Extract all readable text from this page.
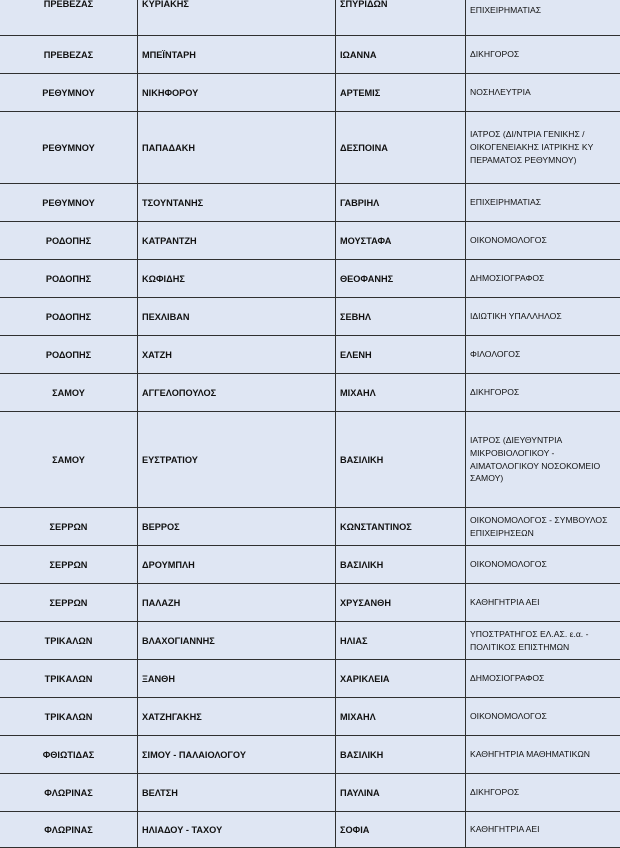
ΠΡΕΒΕΖΑΣ	ΚΥΡΙΑΚΗΣ	ΣΠΥΡΙΔΩΝ
ΕΠΙΧΕΙΡΗΜΑΤΙΑΣ
ΠΡΕΒΕΖΑΣ	ΜΠΕΪΝΤΑΡΗ	ΙΩΑΝΝΑ	ΔΙΚΗΓΟΡΟΣ
ΡΕΘΥΜΝΟΥ	ΝΙΚΗΦΟΡΟΥ	ΑΡΤΕΜΙΣ	ΝΟΣΗΛΕΥΤΡΙΑ
ΡΕΘΥΜΝΟΥ	ΠΑΠΑΔΑΚΗ	ΔΕΣΠΟΙΝΑ
ΙΑΤΡΟΣ (ΔΙ/ΝΤΡΙΑ ΓΕΝΙΚΗΣ / ΟΙΚΟΓΕΝΕΙΑΚΗΣ ΙΑΤΡΙΚΗΣ ΚΥ ΠΕΡΑΜΑΤΟΣ ΡΕΘΥΜΝΟΥ)
ΡΕΘΥΜΝΟΥ	ΤΣΟΥΝΤΑΝΗΣ	ΓΑΒΡΙΗΛ	ΕΠΙΧΕΙΡΗΜΑΤΙΑΣ
ΡΟΔΟΠΗΣ	ΚΑΤΡΑΝΤΖΗ	ΜΟΥΣΤΑΦΑ	ΟΙΚΟΝΟΜΟΛΟΓΟΣ
ΡΟΔΟΠΗΣ	ΚΩΦΙΔΗΣ	ΘΕΟΦΑΝΗΣ	ΔΗΜΟΣΙΟΓΡΑΦΟΣ
ΡΟΔΟΠΗΣ	ΠΕΧΛΙΒΑΝ	ΣΕΒΗΛ	ΙΔΙΩΤΙΚΗ ΥΠΑΛΛΗΛΟΣ
ΡΟΔΟΠΗΣ	ΧΑΤΖΗ	ΕΛΕΝΗ	ΦΙΛΟΛΟΓΟΣ
ΣΑΜΟΥ	ΑΓΓΕΛΟΠΟΥΛΟΣ	ΜΙΧΑΗΛ	ΔΙΚΗΓΟΡΟΣ
ΣΑΜΟΥ	ΕΥΣΤΡΑΤΙΟΥ	ΒΑΣΙΛΙΚΗ
ΙΑΤΡΟΣ (ΔΙΕΥΘΥΝΤΡΙΑ ΜΙΚΡΟΒΙΟΛΟΓΙΚΟΥ - ΑΙΜΑΤΟΛΟΓΙΚΟΥ ΝΟΣΟΚΟΜΕΙΟ ΣΑΜΟΥ)
ΣΕΡΡΩΝ	ΒΕΡΡΟΣ	ΚΩΝΣΤΑΝΤΙΝΟΣ
ΟΙΚΟΝΟΜΟΛΟΓΟΣ - ΣΥΜΒΟΥΛΟΣ ΕΠΙΧΕΙΡΗΣΕΩΝ
ΣΕΡΡΩΝ	ΔΡΟΥΜΠΛΗ	ΒΑΣΙΛΙΚΗ	ΟΙΚΟΝΟΜΟΛΟΓΟΣ
ΣΕΡΡΩΝ	ΠΑΛΑΖΗ	ΧΡΥΣΑΝΘΗ	ΚΑΘΗΓΗΤΡΙΑ ΑΕΙ
ΤΡΙΚΑΛΩΝ	ΒΛΑΧΟΓΙΑΝΝΗΣ	ΗΛΙΑΣ
ΥΠΟΣΤΡΑΤΗΓΟΣ ΕΛ.ΑΣ. ε.α. - ΠΟΛΙΤΙΚΟΣ ΕΠΙΣΤΗΜΩΝ
ΤΡΙΚΑΛΩΝ	ΞΑΝΘΗ	ΧΑΡΙΚΛΕΙΑ	ΔΗΜΟΣΙΟΓΡΑΦΟΣ
ΤΡΙΚΑΛΩΝ	ΧΑΤΖΗΓΑΚΗΣ	ΜΙΧΑΗΛ	ΟΙΚΟΝΟΜΟΛΟΓΟΣ
ΦΘΙΩΤΙΔΑΣ	ΣΙΜΟΥ - ΠΑΛΑΙΟΛΟΓΟΥ	ΒΑΣΙΛΙΚΗ	ΚΑΘΗΓΗΤΡΙΑ ΜΑΘΗΜΑΤΙΚΩΝ
ΦΛΩΡΙΝΑΣ	ΒΕΛΤΣΗ	ΠΑΥΛΙΝΑ	ΔΙΚΗΓΟΡΟΣ
ΦΛΩΡΙΝΑΣ	ΗΛΙΑΔΟΥ - ΤΑΧΟΥ	ΣΟΦΙΑ	ΚΑΘΗΓΗΤΡΙΑ ΑΕΙ
